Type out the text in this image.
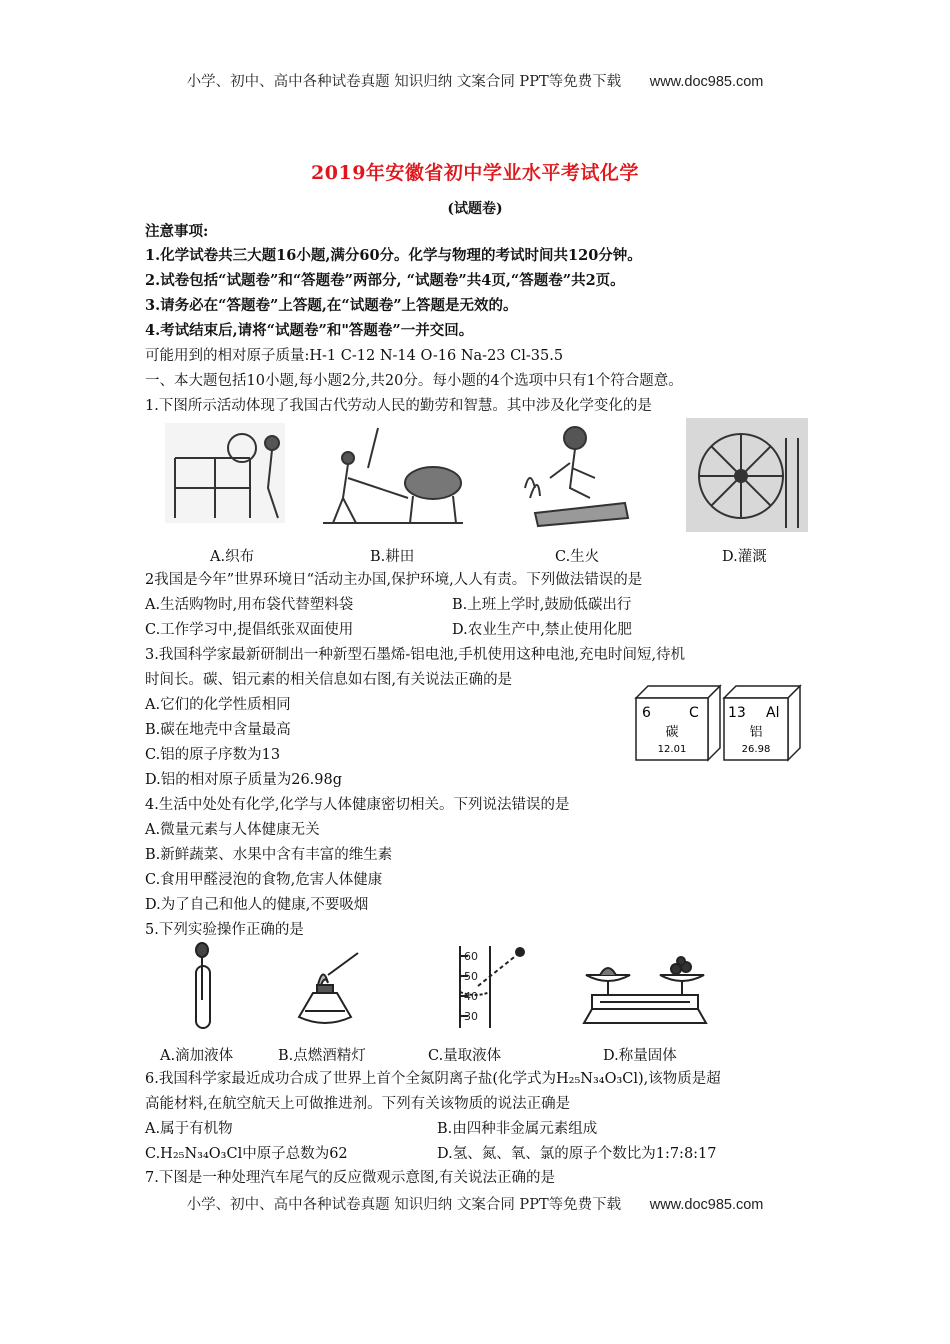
小学、初中、高中各种试卷真题 知识归纳 文案合同 PPT等免费下载 www.doc985.com
2019年安徽省初中学业水平考试化学
(试题卷)
注意事项:
1.化学试卷共三大题16小题,满分60分。化学与物理的考试时间共120分钟。
2.试卷包括“试题卷”和“答题卷”两部分, “试题卷”共4页,“答题卷”共2页。
3.请务必在“答题卷”上答题,在“试题卷”上答题是无效的。
4.考试结束后,请将“试题卷”和"答题卷”一并交回。
可能用到的相对原子质量:H-1 C-12 N-14 O-16 Na-23 Cl-35.5
一、本大题包括10小题,每小题2分,共20分。每小题的4个选项中只有1个符合题意。
1.下图所示活动体现了我国古代劳动人民的勤劳和智慧。其中涉及化学变化的是
A.织布	B.耕田	C.生火	D.灌溉
2我国是今年”世界环境日“活动主办国,保护环境,人人有责。下列做法错误的是
A.生活购物时,用布袋代替塑料袋	B.上班上学时,鼓励低碳出行
C.工作学习中,提倡纸张双面使用	D.农业生产中,禁止使用化肥
3.我国科学家最新研制出一种新型石墨烯-铝电池,手机使用这种电池,充电时间短,待机
时间长。碳、铝元素的相关信息如右图,有关说法正确的是
A.它们的化学性质相同
B.碳在地壳中含量最高
C.铝的原子序数为13
D.铝的相对原子质量为26.98g
6	C
碳
12.01
13 Al
铝
26.98
4.生活中处处有化学,化学与人体健康密切相关。下列说法错误的是
A.微量元素与人体健康无关
B.新鲜蔬菜、水果中含有丰富的维生素
C.食用甲醛浸泡的食物,危害人体健康
D.为了自己和他人的健康,不要吸烟
5.下列实验操作正确的是
60
50
40
30
A.滴加液体	B.点燃酒精灯	C.量取液体	D.称量固体
6.我国科学家最近成功合成了世界上首个全氮阴离子盐(化学式为H₂₅N₃₄O₃Cl),该物质是超
高能材料,在航空航天上可做推进剂。下列有关该物质的说法正确是
A.属于有机物	B.由四种非金属元素组成
C.H₂₅N₃₄O₃Cl中原子总数为62	D.氢、氮、氧、氯的原子个数比为1:7:8:17
7.下图是一种处理汽车尾气的反应微观示意图,有关说法正确的是
小学、初中、高中各种试卷真题 知识归纳 文案合同 PPT等免费下载 www.doc985.com
